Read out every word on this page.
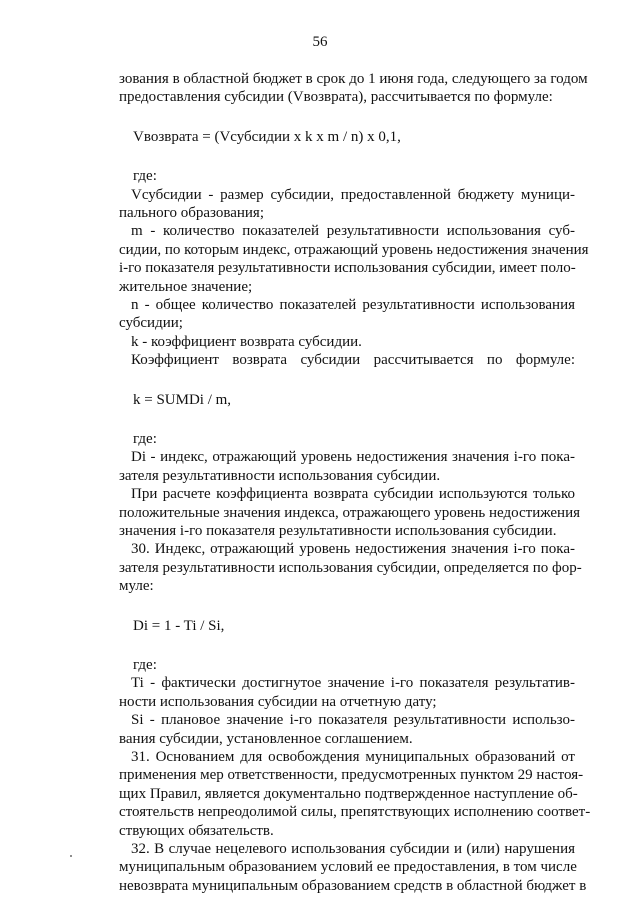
56
зования в областной бюджет в срок до 1 июня года, следующего за годом
предоставления субсидии (Vвозврата), рассчитывается по формуле:
Vвозврата = (Vсубсидии x k x m / n) x 0,1,
где:
Vсубсидии - размер субсидии, предоставленной бюджету муници-
пального образования;
m - количество показателей результативности использования суб-
сидии, по которым индекс, отражающий уровень недостижения значения
i-го показателя результативности использования субсидии, имеет поло-
жительное значение;
n - общее количество показателей результативности использования
субсидии;
k - коэффициент возврата субсидии.
Коэффициент возврата субсидии рассчитывается по формуле:
k = SUMDi / m,
где:
Di - индекс, отражающий уровень недостижения значения i-го пока-
зателя результативности использования субсидии.
При расчете коэффициента возврата субсидии используются только
положительные значения индекса, отражающего уровень недостижения
значения i-го показателя результативности использования субсидии.
30. Индекс, отражающий уровень недостижения значения i-го пока-
зателя результативности использования субсидии, определяется по фор-
муле:
Di = 1 - Ti / Si,
где:
Ti - фактически достигнутое значение i-го показателя результатив-
ности использования субсидии на отчетную дату;
Si - плановое значение i-го показателя результативности использо-
вания субсидии, установленное соглашением.
31. Основанием для освобождения муниципальных образований от
применения мер ответственности, предусмотренных пунктом 29 настоя-
щих Правил, является документально подтвержденное наступление об-
стоятельств непреодолимой силы, препятствующих исполнению соответ-
ствующих обязательств.
32. В случае нецелевого использования субсидии и (или) нарушения
муниципальным образованием условий ее предоставления, в том числе
невозврата муниципальным образованием средств в областной бюджет в
